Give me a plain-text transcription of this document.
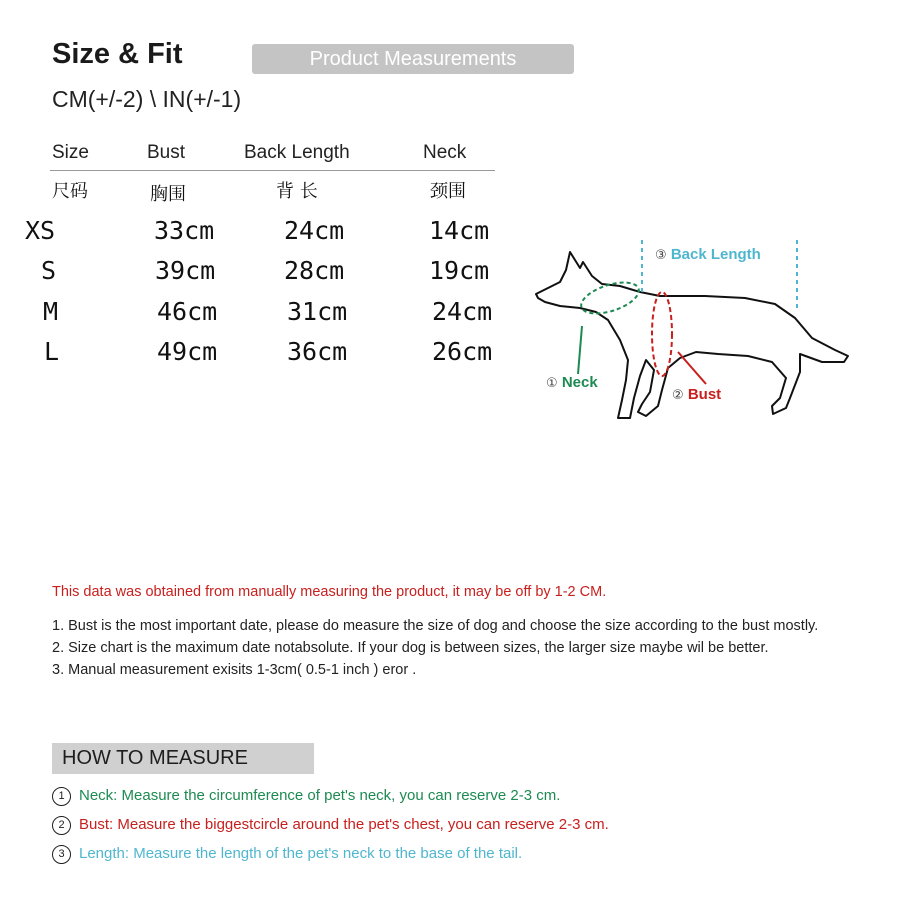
Size & Fit	Product Measurements
CM(+/-2) \ IN(+/-1)
Size	Bust	Back Length	Neck
尺码	胸围	背 长	颈围
XS	33cm	24cm	14cm
S	39cm	28cm	19cm
M	46cm	31cm	24cm
L	49cm	36cm	26cm
③ Back Length
① Neck
② Bust
This data was obtained from manually measuring the product, it may be off by 1-2 CM.

1. Bust is the most important date, please do measure the size of dog and choose the size according to the bust mostly.

2. Size chart is the maximum date notabsolute. If your dog is between sizes, the larger size maybe wil be better.

3. Manual measurement exisits 1-3cm( 0.5-1 inch ) eror .

HOW TO MEASURE
1 Neck: Measure the circumference of pet's neck, you can reserve 2-3 cm.
2 Bust: Measure the biggestcircle around the pet's chest, you can reserve 2-3 cm.
3 Length: Measure the length of the pet's neck to the base of the tail.
